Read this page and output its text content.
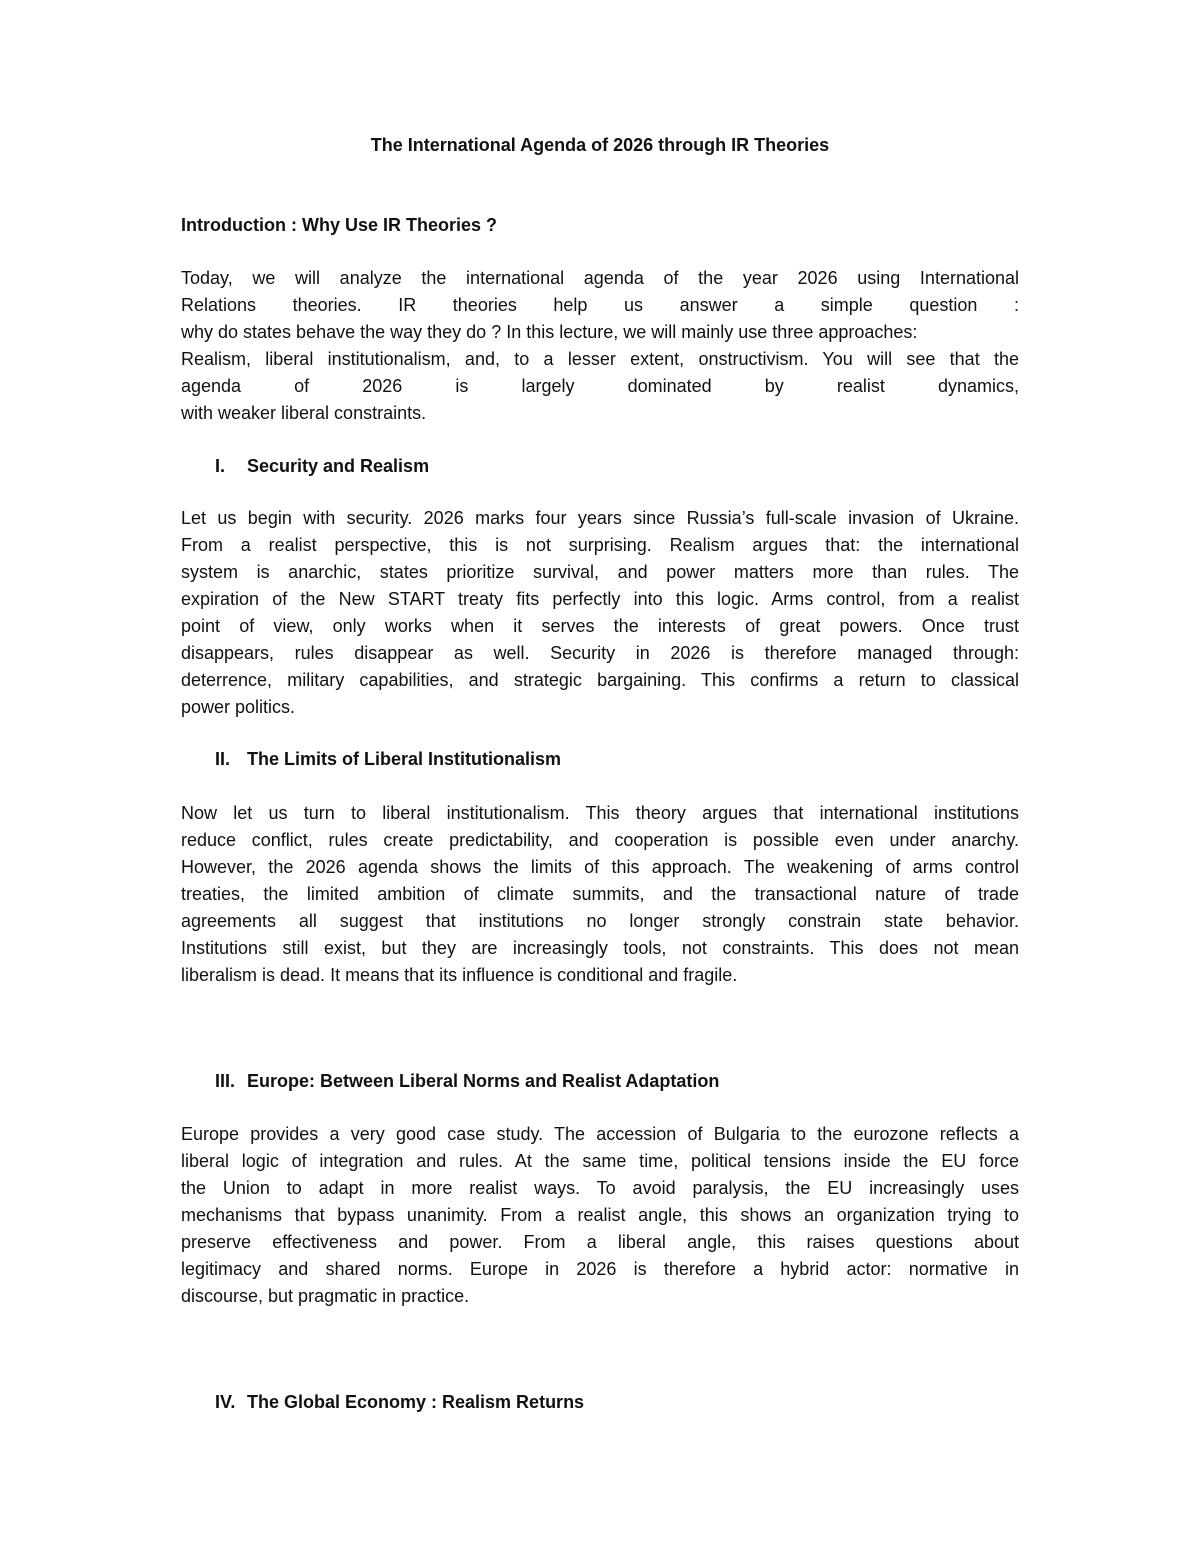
The International Agenda of 2026 through IR Theories
Introduction : Why Use IR Theories ?
Today, we will analyze the international agenda of the year 2026 using International
Relations theories. IR theories help us answer a simple question :
why do states behave the way they do ? In this lecture, we will mainly use three approaches:
Realism, liberal institutionalism, and, to a lesser extent, onstructivism. You will see that the
agenda of 2026 is largely dominated by realist dynamics,
with weaker liberal constraints.
I. Security and Realism
Let us begin with security. 2026 marks four years since Russia’s full-scale invasion of Ukraine.
From a realist perspective, this is not surprising. Realism argues that: the international
system is anarchic, states prioritize survival, and power matters more than rules. The
expiration of the New START treaty fits perfectly into this logic. Arms control, from a realist
point of view, only works when it serves the interests of great powers. Once trust
disappears, rules disappear as well. Security in 2026 is therefore managed through:
deterrence, military capabilities, and strategic bargaining. This confirms a return to classical
power politics.
II. The Limits of Liberal Institutionalism
Now let us turn to liberal institutionalism. This theory argues that international institutions
reduce conflict, rules create predictability, and cooperation is possible even under anarchy.
However, the 2026 agenda shows the limits of this approach. The weakening of arms control
treaties, the limited ambition of climate summits, and the transactional nature of trade
agreements all suggest that institutions no longer strongly constrain state behavior.
Institutions still exist, but they are increasingly tools, not constraints. This does not mean
liberalism is dead. It means that its influence is conditional and fragile.
III. Europe: Between Liberal Norms and Realist Adaptation
Europe provides a very good case study. The accession of Bulgaria to the eurozone reflects a
liberal logic of integration and rules. At the same time, political tensions inside the EU force
the Union to adapt in more realist ways. To avoid paralysis, the EU increasingly uses
mechanisms that bypass unanimity. From a realist angle, this shows an organization trying to
preserve effectiveness and power. From a liberal angle, this raises questions about
legitimacy and shared norms. Europe in 2026 is therefore a hybrid actor: normative in
discourse, but pragmatic in practice.
IV. The Global Economy : Realism Returns
